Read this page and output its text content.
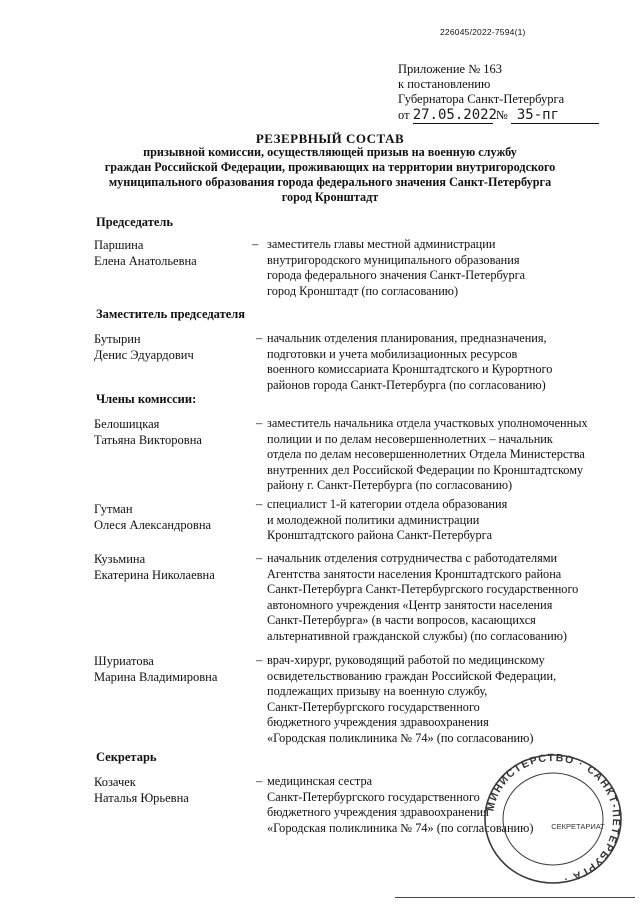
226045/2022-7594(1)
Приложение № 163
к постановлению
Губернатора Санкт-Петербурга
от 27.05.2022 № 35-пг
РЕЗЕРВНЫЙ СОСТАВ
призывной комиссии, осуществляющей призыв на военную службу
граждан Российской Федерации, проживающих на территории внутригородского
муниципального образования города федерального значения Санкт-Петербурга
город Кронштадт
Председатель
Паршина
Елена Анатольевна
– заместитель главы местной администрации
внутригородского муниципального образования
города федерального значения Санкт-Петербурга
город Кронштадт (по согласованию)
Заместитель председателя
Бутырин
Денис Эдуардович
– начальник отделения планирования, предназначения,
подготовки и учета мобилизационных ресурсов
военного комиссариата Кронштадтского и Курортного
районов города Санкт-Петербурга (по согласованию)
Члены комиссии:
Белошицкая
Татьяна Викторовна
– заместитель начальника отдела участковых уполномоченных
полиции и по делам несовершеннолетних – начальник
отдела по делам несовершеннолетних Отдела Министерства
внутренних дел Российской Федерации по Кронштадтскому
району г. Санкт-Петербурга (по согласованию)
Гутман
Олеся Александровна
– специалист 1-й категории отдела образования
и молодежной политики администрации
Кронштадтского района Санкт-Петербурга
Кузьмина
Екатерина Николаевна
– начальник отделения сотрудничества с работодателями
Агентства занятости населения Кронштадтского района
Санкт-Петербурга Санкт-Петербургского государственного
автономного учреждения «Центр занятости населения
Санкт-Петербурга» (в части вопросов, касающихся
альтернативной гражданской службы) (по согласованию)
Шуриатова
Марина Владимировна
– врач-хирург, руководящий работой по медицинскому
освидетельствованию граждан Российской Федерации,
подлежащих призыву на военную службу,
Санкт-Петербургского государственного
бюджетного учреждения здравоохранения
«Городская поликлиника № 74» (по согласованию)
Секретарь
Козачек
Наталья Юрьевна
– медицинская сестра
Санкт-Петербургского государственного
бюджетного учреждения здравоохранения
«Городская поликлиника № 74» (по согласованию)
МИНИСТЕРСТВО · САНКТ-ПЕТЕРБУРГА ·
СЕКРЕТАРИАТ
